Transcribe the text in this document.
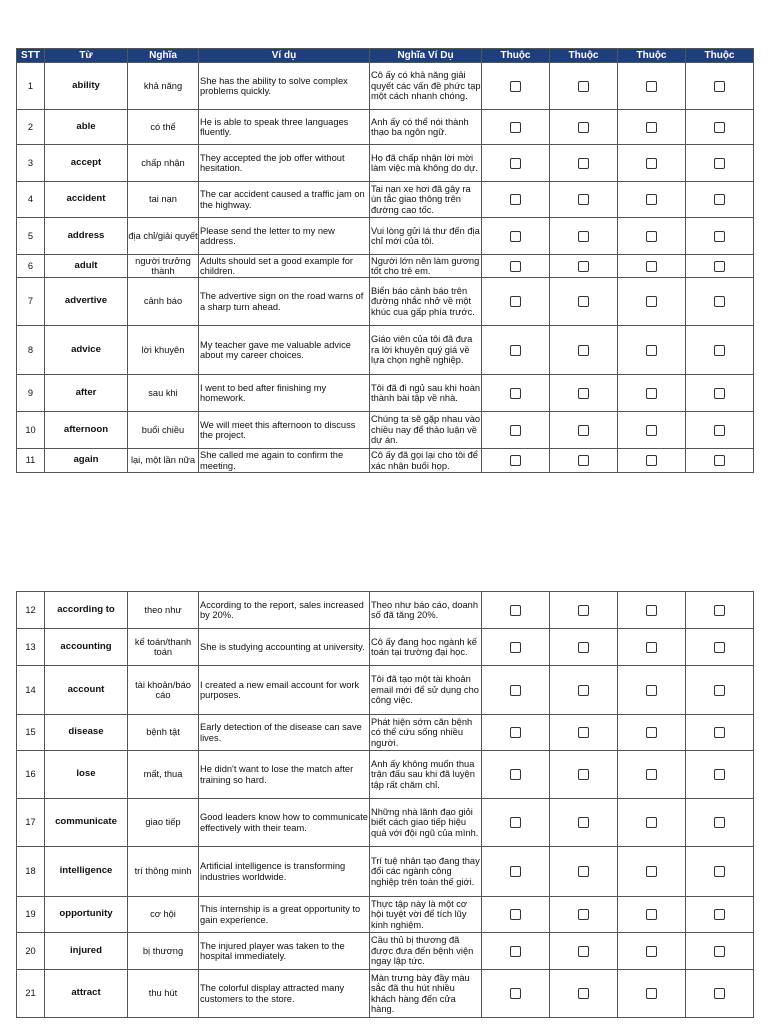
STT	Từ	Nghĩa	Ví dụ	Nghĩa Ví Dụ	Thuộc	Thuộc	Thuộc	Thuộc
1	ability	khả năng	She has the ability to solve complex problems quickly.	Cô ấy có khả năng giải quyết các vấn đề phức tạp một cách nhanh chóng.				
2	able	có thể	He is able to speak three languages fluently.	Anh ấy có thể nói thành thạo ba ngôn ngữ.				
3	accept	chấp nhận	They accepted the job offer without hesitation.	Họ đã chấp nhận lời mời làm việc mà không do dự.				
4	accident	tai nạn	The car accident caused a traffic jam on the highway.	Tai nạn xe hơi đã gây ra ùn tắc giao thông trên đường cao tốc.				
5	address	địa chỉ/giải quyết	Please send the letter to my new address.	Vui lòng gửi lá thư đến địa chỉ mới của tôi.				
6	adult	người trưởng thành	Adults should set a good example for children.	Người lớn nên làm gương tốt cho trẻ em.				
7	advertive	cảnh báo	The advertive sign on the road warns of a sharp turn ahead.	Biển báo cảnh báo trên đường nhắc nhở về một khúc cua gấp phía trước.				
8	advice	lời khuyên	My teacher gave me valuable advice about my career choices.	Giáo viên của tôi đã đưa ra lời khuyên quý giá về lựa chọn nghề nghiệp.				
9	after	sau khi	I went to bed after finishing my homework.	Tôi đã đi ngủ sau khi hoàn thành bài tập về nhà.				
10	afternoon	buổi chiều	We will meet this afternoon to discuss the project.	Chúng ta sẽ gặp nhau vào chiều nay để thảo luận về dự án.				
11	again	lại, một lần nữa	She called me again to confirm the meeting.	Cô ấy đã gọi lại cho tôi để xác nhận buổi họp.				
12	according to	theo như	According to the report, sales increased by 20%.	Theo như báo cáo, doanh số đã tăng 20%.				
13	accounting	kế toán/thanh toán	She is studying accounting at university.	Cô ấy đang học ngành kế toán tại trường đại học.				
14	account	tài khoản/báo cáo	I created a new email account for work purposes.	Tôi đã tạo một tài khoản email mới để sử dụng cho công việc.				
15	disease	bệnh tật	Early detection of the disease can save lives.	Phát hiện sớm căn bệnh có thể cứu sống nhiều người.				
16	lose	mất, thua	He didn't want to lose the match after training so hard.	Anh ấy không muốn thua trận đấu sau khi đã luyện tập rất chăm chỉ.				
17	communicate	giao tiếp	Good leaders know how to communicate effectively with their team.	Những nhà lãnh đạo giỏi biết cách giao tiếp hiệu quả với đội ngũ của mình.				
18	intelligence	trí thông minh	Artificial intelligence is transforming industries worldwide.	Trí tuệ nhân tạo đang thay đổi các ngành công nghiệp trên toàn thế giới.				
19	opportunity	cơ hội	This internship is a great opportunity to gain experience.	Thực tập này là một cơ hội tuyệt vời để tích lũy kinh nghiệm.				
20	injured	bị thương	The injured player was taken to the hospital immediately.	Cầu thủ bị thương đã được đưa đến bệnh viện ngay lập tức.				
21	attract	thu hút	The colorful display attracted many customers to the store.	Màn trưng bày đầy màu sắc đã thu hút nhiều khách hàng đến cửa hàng.				
